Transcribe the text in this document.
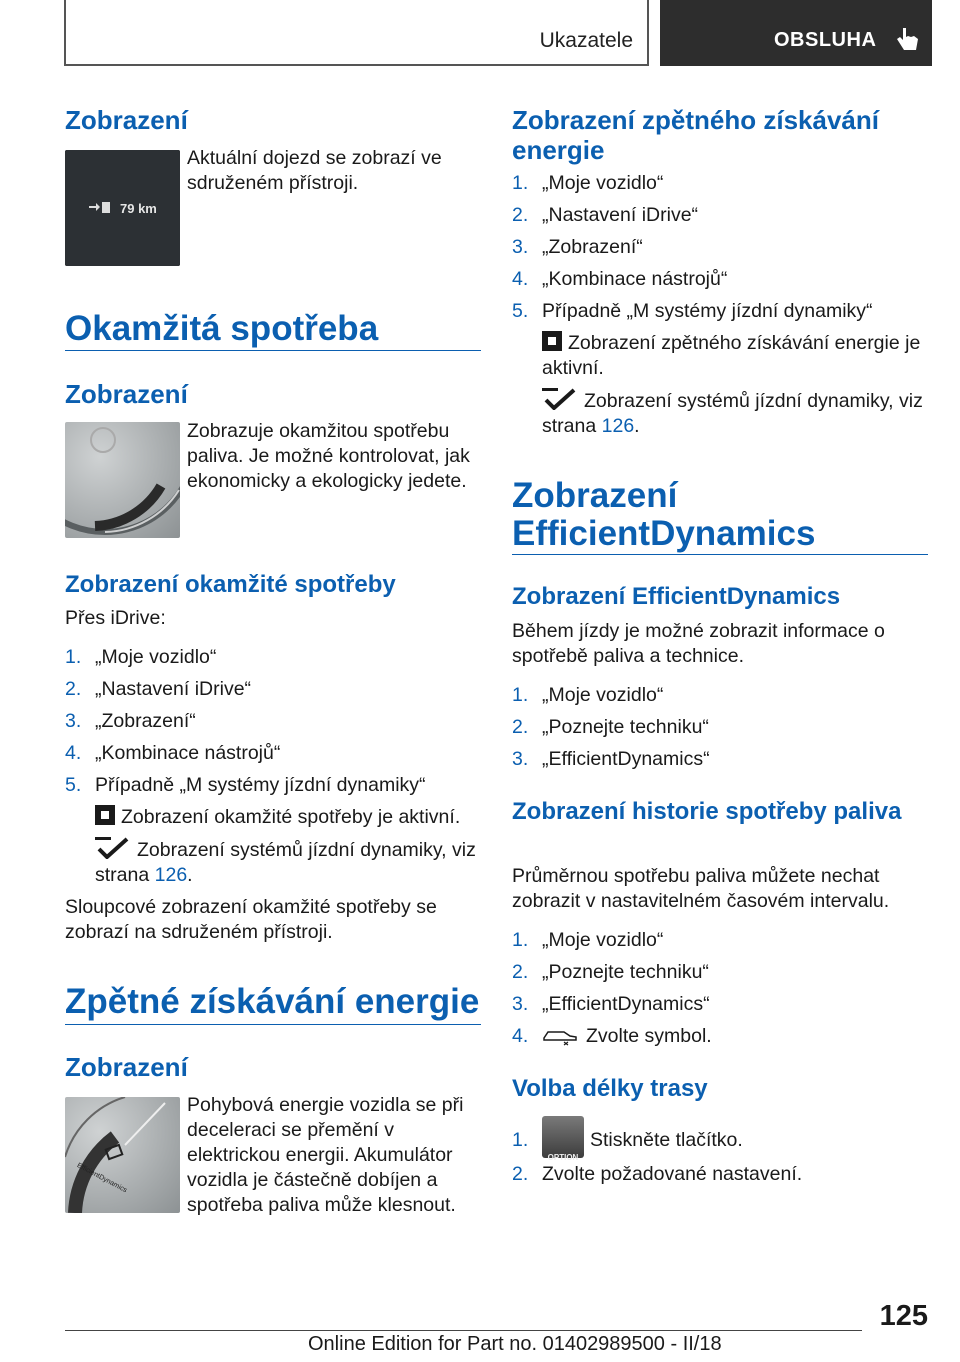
Ukazatele	OBSLUHA
Zobrazení
79 km
Aktuální dojezd se zobrazí ve sdruženém přístroji.
Okamžitá spotřeba
Zobrazení
Zobrazuje okamžitou spotřebu paliva. Je možné kontrolovat, jak ekonomicky a ekologicky jedete.
Zobrazení okamžité spotřeby
Přes iDrive:
1. „Moje vozidlo“
2. „Nastavení iDrive“
3. „Zobrazení“
4. „Kombinace nástrojů“
5. Případně „M systémy jízdní dynamiky“
Zobrazení okamžité spotřeby je aktivní.
Zobrazení systémů jízdní dynamiky, viz strana 126.
Sloupcové zobrazení okamžité spotřeby se zobrazí na sdruženém přístroji.
Zpětné získávání energie
Zobrazení
EfficientDynamics
Pohybová energie vozidla se při deceleraci se přemění v elektrickou energii. Akumulátor vozidla je částečně dobíjen a spotřeba paliva může klesnout.
Zobrazení zpětného získávání energie
1. „Moje vozidlo“
2. „Nastavení iDrive“
3. „Zobrazení“
4. „Kombinace nástrojů“
5. Případně „M systémy jízdní dynamiky“
Zobrazení zpětného získávání energie je aktivní.
Zobrazení systémů jízdní dynamiky, viz strana 126.
Zobrazení
EfficientDynamics
Zobrazení EfficientDynamics
Během jízdy je možné zobrazit informace o spotřebě paliva a technice.
1. „Moje vozidlo“
2. „Poznejte techniku“
3. „EfficientDynamics“
Zobrazení historie spotřeby paliva
Průměrnou spotřebu paliva můžete nechat zobrazit v nastavitelném časovém intervalu.
1. „Moje vozidlo“
2. „Poznejte techniku“
3. „EfficientDynamics“
4.	Zvolte symbol.
Volba délky trasy
1.
OPTION
Stiskněte tlačítko.
2. Zvolte požadované nastavení.
125
Online Edition for Part no. 01402989500 - II/18
